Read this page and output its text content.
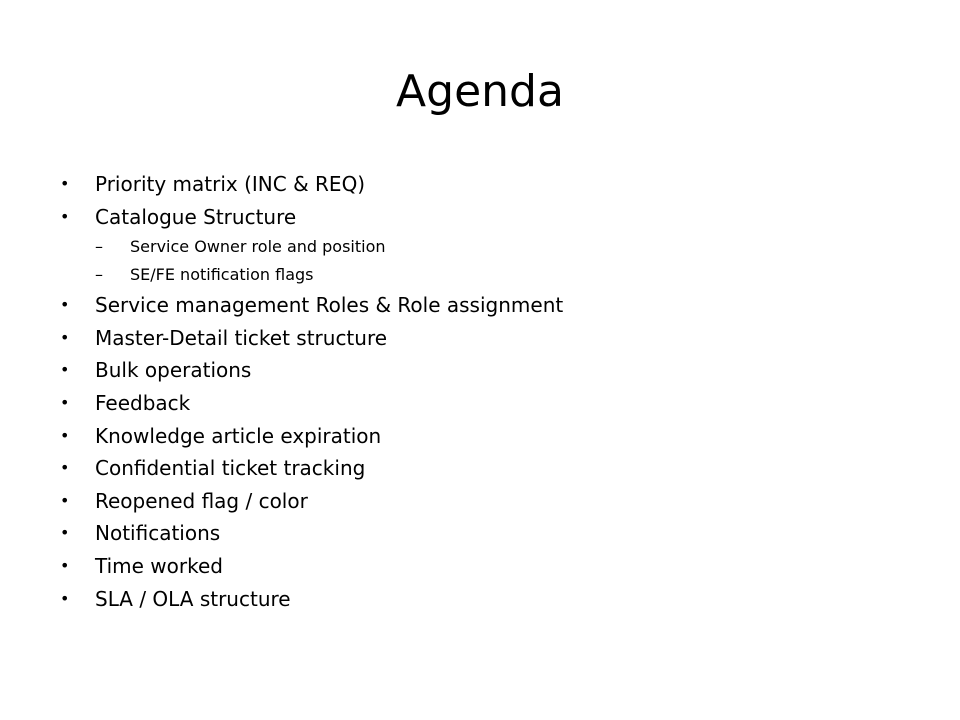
Agenda
•	Priority matrix (INC & REQ)
•	Catalogue Structure
–	Service Owner role and position
–	SE/FE notification flags
•	Service management Roles & Role assignment
•	Master-Detail ticket structure
•	Bulk operations
•	Feedback
•	Knowledge article expiration
•	Confidential ticket tracking
•	Reopened flag / color
•	Notifications
•	Time worked
•	SLA / OLA structure
